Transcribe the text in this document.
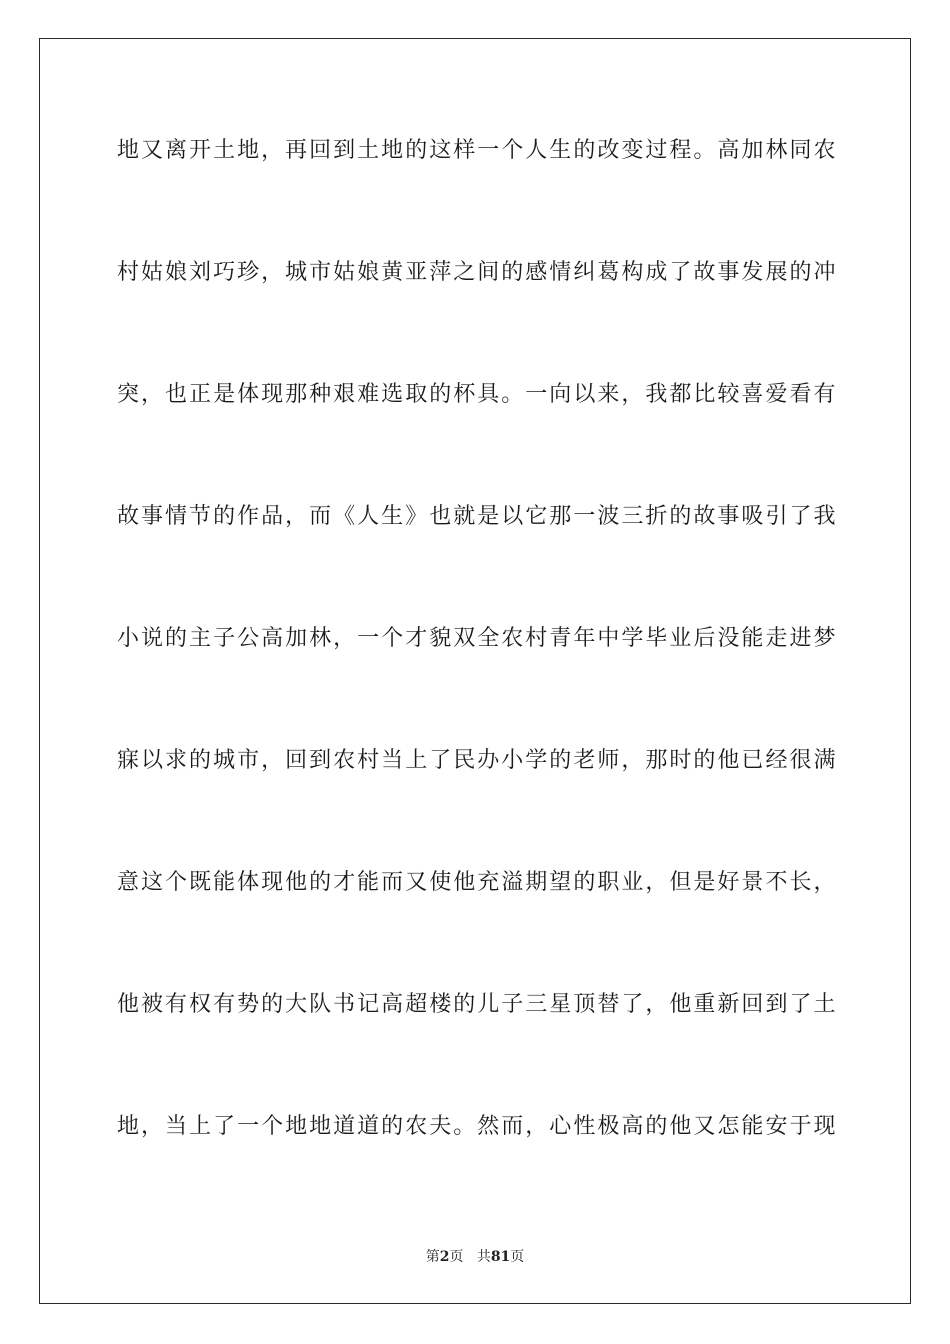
地又离开土地，再回到土地的这样一个人生的改变过程。高加林同农
村姑娘刘巧珍，城市姑娘黄亚萍之间的感情纠葛构成了故事发展的冲
突，也正是体现那种艰难选取的杯具。一向以来，我都比较喜爱看有
故事情节的作品，而《人生》也就是以它那一波三折的故事吸引了我
小说的主子公高加林，一个才貌双全农村青年中学毕业后没能走进梦
寐以求的城市，回到农村当上了民办小学的老师，那时的他已经很满
意这个既能体现他的才能而又使他充溢期望的职业，但是好景不长，
他被有权有势的大队书记高超楼的儿子三星顶替了，他重新回到了土
地，当上了一个地地道道的农夫。然而，心性极高的他又怎能安于现
第2页 共81页
